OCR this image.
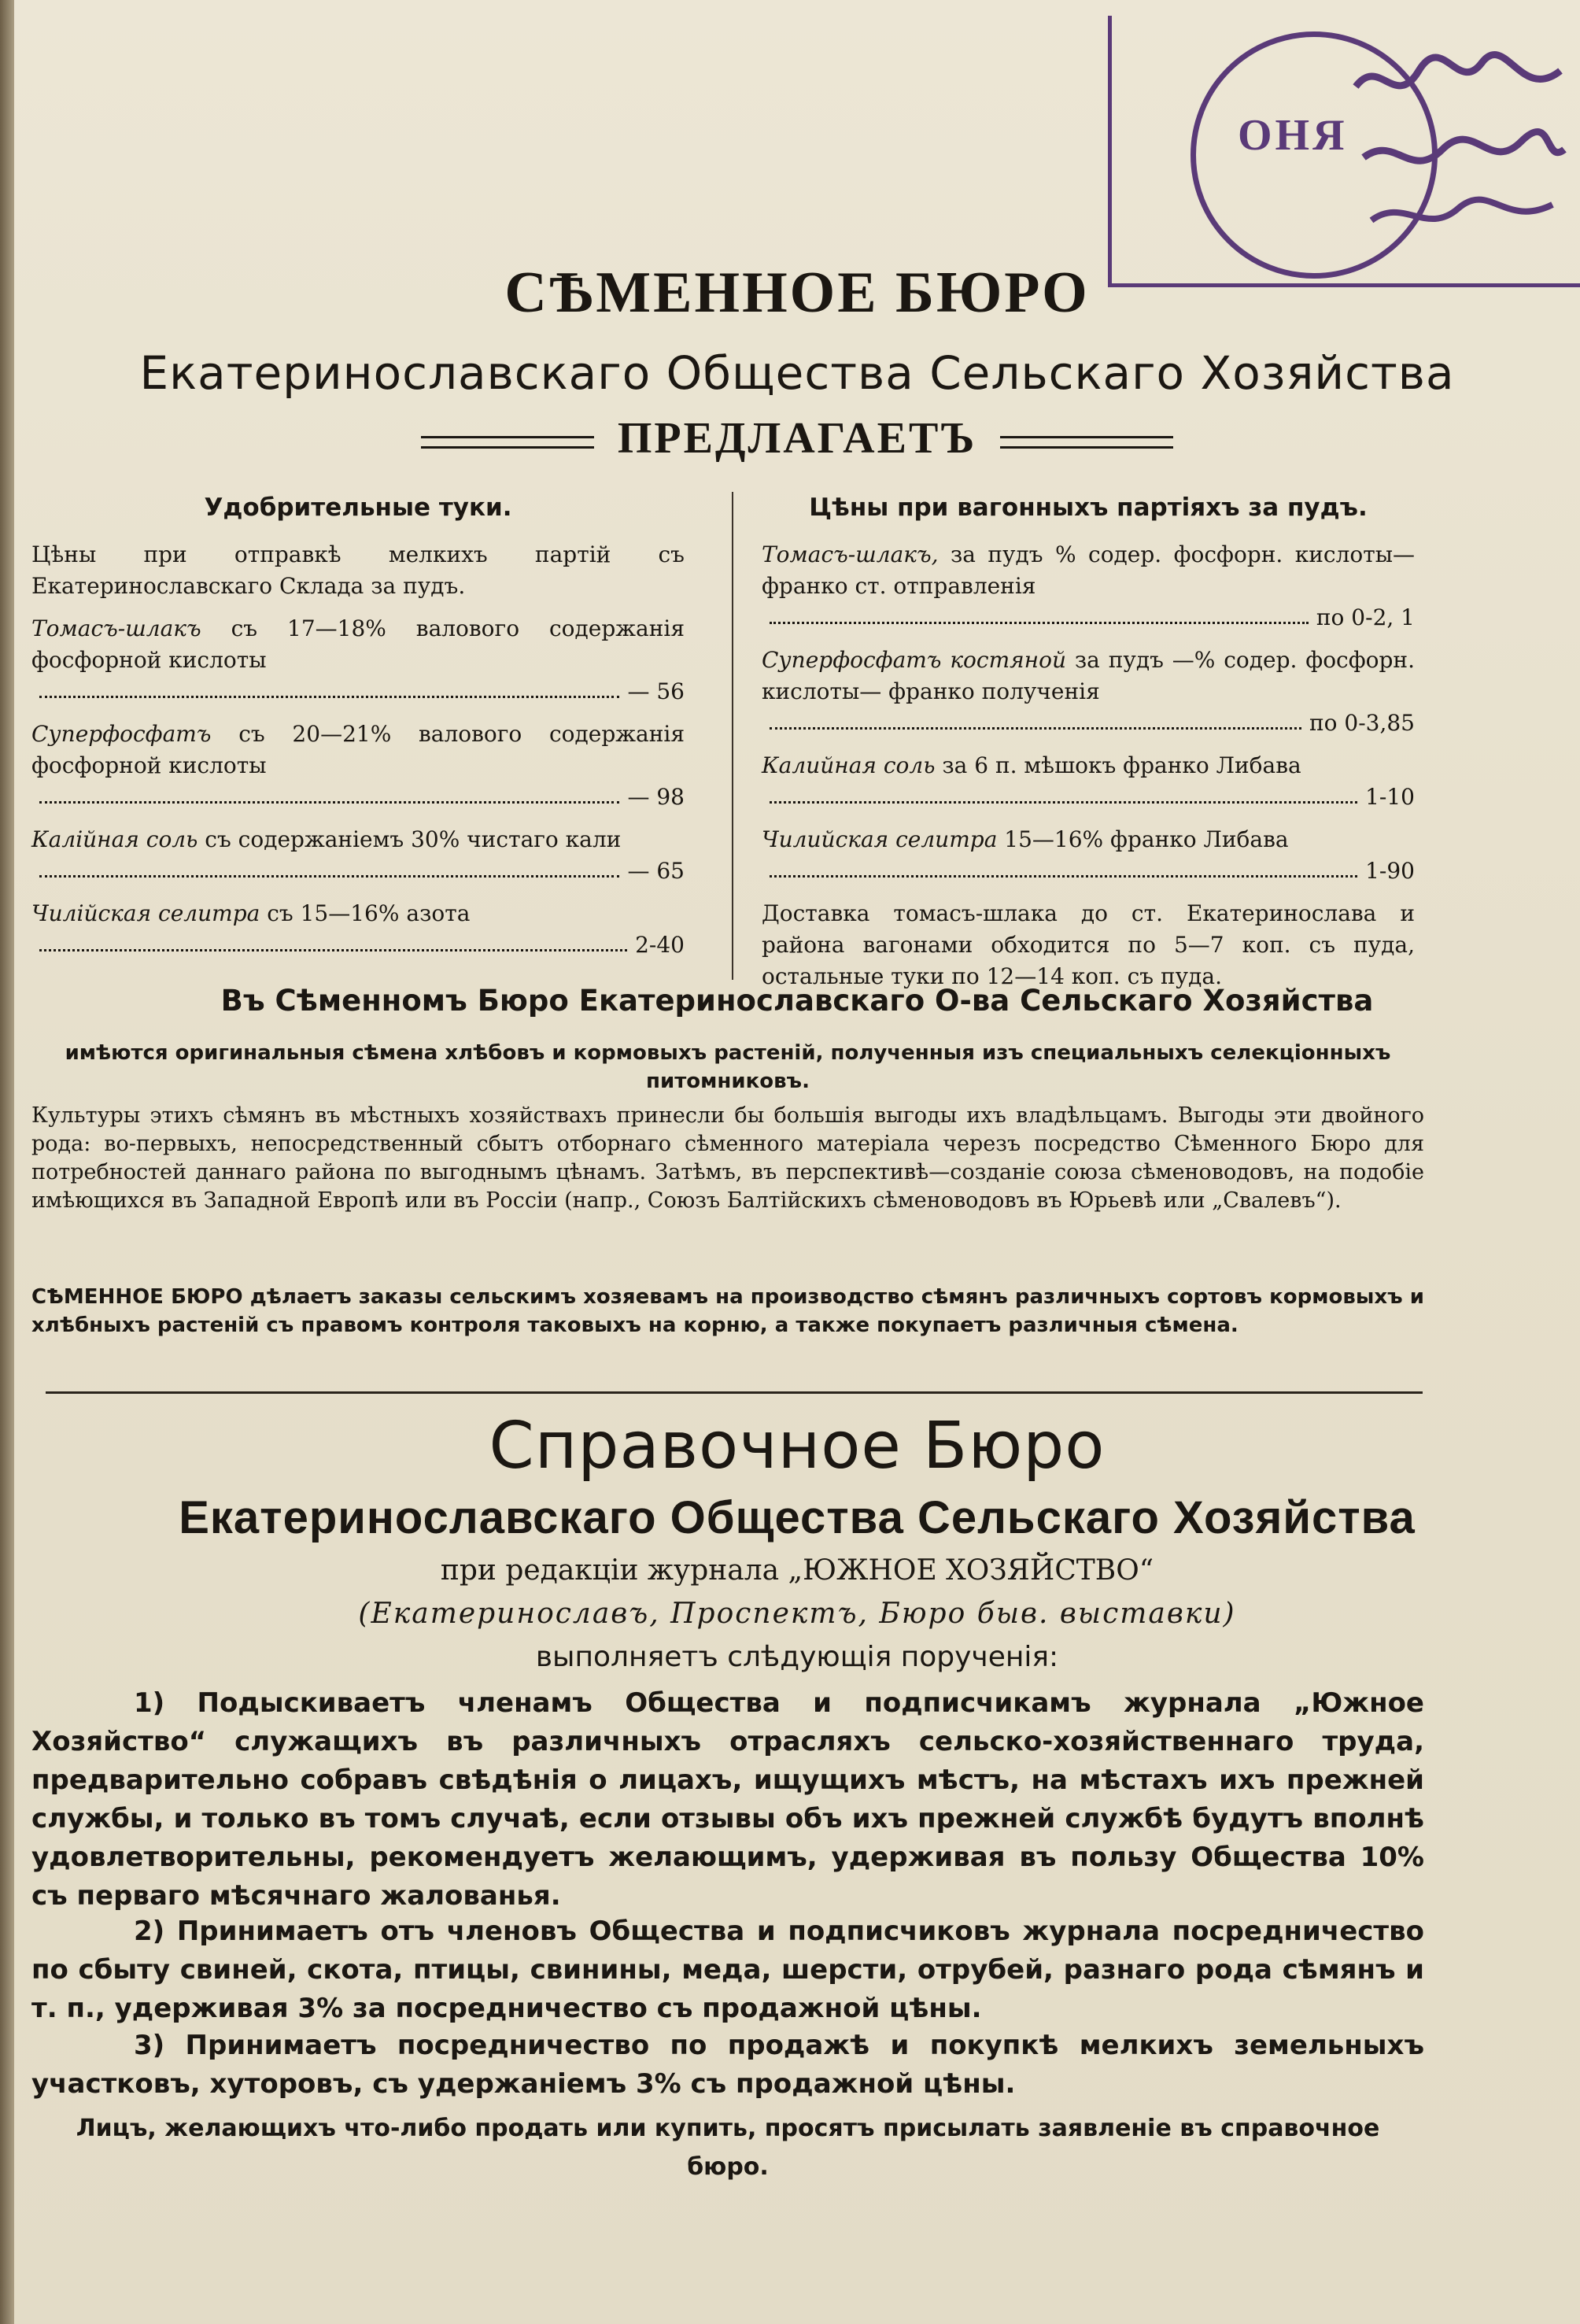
ОНЯ
СѢМЕННОЕ БЮРО
Екатеринославскаго Общества Сельскаго Хозяйства
ПРЕДЛАГАЕТЪ
Удобрительные туки.
Цѣны при отправкѣ мелкихъ партій съ Екатеринославскаго Склада за пудъ.
Томасъ-шлакъ съ 17—18% валового содержанія фосфорной кислоты
— 56
Суперфосфатъ съ 20—21% валового содержанія фосфорной кислоты
— 98
Калійная соль съ содержаніемъ 30% чистаго кали
— 65
Чилійская селитра съ 15—16% азота
2-40
Цѣны при вагонныхъ партіяхъ за пудъ.
Томасъ-шлакъ, за пудъ % содер. фосфорн. кислоты—франко ст. отправленія
по 0-2, 1
Суперфосфатъ костяной за пудъ —% содер. фосфорн. кислоты— франко полученія
по 0-3,85
Калийная соль за 6 п. мѣшокъ франко Либава
1-10
Чилийская селитра 15—16% франко Либава
1-90
Доставка томасъ-шлака до ст. Екатеринослава и района вагонами обходится по 5—7 коп. съ пуда, остальные туки по 12—14 коп. съ пуда.
Въ Сѣменномъ Бюро Екатеринославскаго О-ва Сельскаго Хозяйства
имѣются оригинальныя сѣмена хлѣбовъ и кормовыхъ растеній, полученныя изъ специальныхъ селекціонныхъ питомниковъ.
Культуры этихъ сѣмянъ въ мѣстныхъ хозяйствахъ принесли бы большія выгоды ихъ владѣльцамъ. Выгоды эти двойного рода: во-первыхъ, непосредственный сбытъ отборнаго сѣменного матеріала черезъ посредство Сѣменного Бюро для потребностей даннаго района по выгоднымъ цѣнамъ. Затѣмъ, въ перспективѣ—созданіе союза сѣменоводовъ, на подобіе имѣющихся въ Западной Европѣ или въ Россіи (напр., Союзъ Балтійскихъ сѣменоводовъ въ Юрьевѣ или „Свалевъ“).
СѢМЕННОЕ БЮРО дѣлаетъ заказы сельскимъ хозяевамъ на производство сѣмянъ различныхъ сортовъ кормовыхъ и хлѣбныхъ растеній съ правомъ контроля таковыхъ на корню, а также покупаетъ различныя сѣмена.
Справочное Бюро
Екатеринославскаго Общества Сельскаго Хозяйства
при редакціи журнала „ЮЖНОЕ ХОЗЯЙСТВО“
(Екатеринославъ, Проспектъ, Бюро быв. выставки)
выполняетъ слѣдующія порученія:
1) Подыскиваетъ членамъ Общества и подписчикамъ журнала „Южное Хозяйство“ служащихъ въ различныхъ отрасляхъ сельско-хозяйственнаго труда, предварительно собравъ свѣдѣнія о лицахъ, ищущихъ мѣстъ, на мѣстахъ ихъ прежней службы, и только въ томъ случаѣ, если отзывы объ ихъ прежней службѣ будутъ вполнѣ удовлетворительны, рекомендуетъ желающимъ, удерживая въ пользу Общества 10% съ перваго мѣсячнаго жалованья.
2) Принимаетъ отъ членовъ Общества и подписчиковъ журнала посредничество по сбыту свиней, скота, птицы, свинины, меда, шерсти, отрубей, разнаго рода сѣмянъ и т. п., удерживая 3% за посредничество съ продажной цѣны.
3) Принимаетъ посредничество по продажѣ и покупкѣ мелкихъ земельныхъ участковъ, хуторовъ, съ удержаніемъ 3% съ продажной цѣны.
Лицъ, желающихъ что-либо продать или купить, просятъ присылать заявленіе въ справочное бюро.
